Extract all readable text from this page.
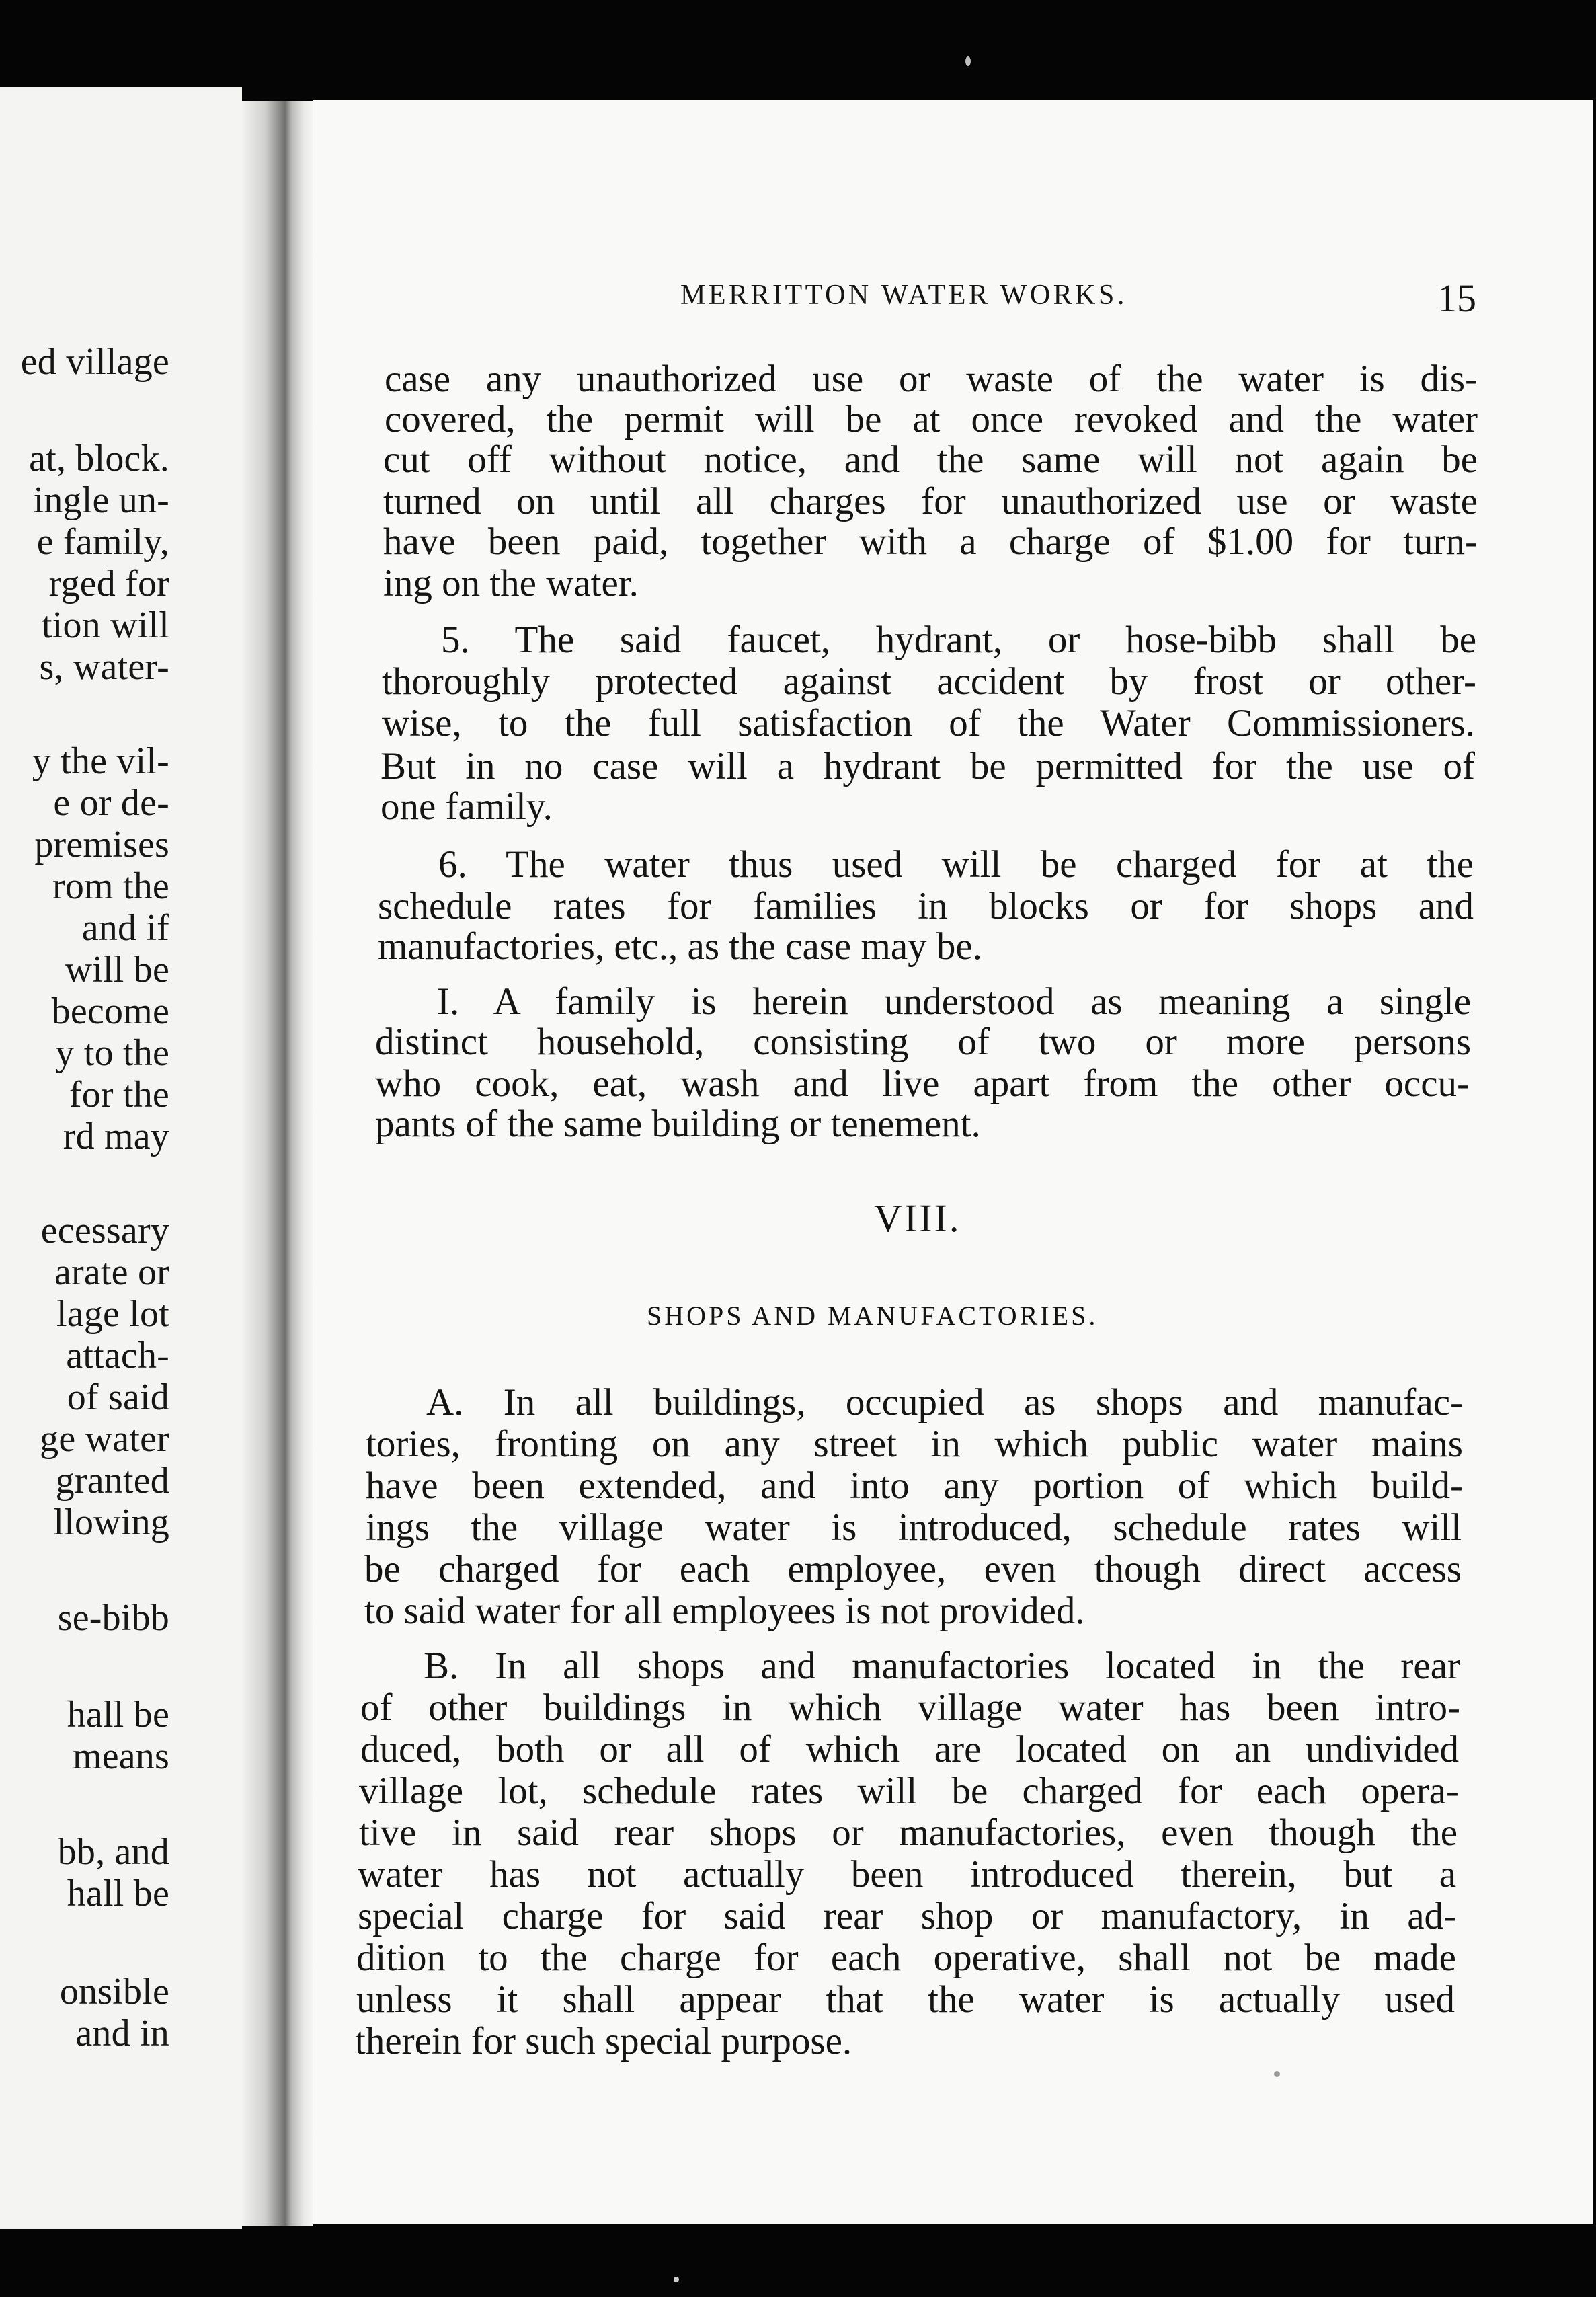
ed village
at, block.
ingle un-
e family,
rged for
tion will
s, water-
y the vil-
e or de-
premises
rom the
and if
will be
become
y to the
for the
rd may
ecessary
arate or
lage lot
attach-
of said
ge water
granted
llowing
se-bibb
hall be
means
bb, and
hall be
onsible
and in
MERRITTON WATER WORKS.	15
case any unauthorized use or waste of the water is dis-
covered, the permit will be at once revoked and the water
cut off without notice, and the same will not again be
turned on until all charges for unauthorized use or waste
have been paid, together with a charge of $1.00 for turn-
ing on the water.
5. The said faucet, hydrant, or hose-bibb shall be
thoroughly protected against accident by frost or other-
wise, to the full satisfaction of the Water Commissioners.
But in no case will a hydrant be permitted for the use of
one family.
6. The water thus used will be charged for at the
schedule rates for families in blocks or for shops and
manufactories, etc., as the case may be.
I. A family is herein understood as meaning a single
distinct household, consisting of two or more persons
who cook, eat, wash and live apart from the other occu-
pants of the same building or tenement.
VIII.
SHOPS AND MANUFACTORIES.
A. In all buildings, occupied as shops and manufac-
tories, fronting on any street in which public water mains
have been extended, and into any portion of which build-
ings the village water is introduced, schedule rates will
be charged for each employee, even though direct access
to said water for all employees is not provided.
B. In all shops and manufactories located in the rear
of other buildings in which village water has been intro-
duced, both or all of which are located on an undivided
village lot, schedule rates will be charged for each opera-
tive in said rear shops or manufactories, even though the
water has not actually been introduced therein, but a
special charge for said rear shop or manufactory, in ad-
dition to the charge for each operative, shall not be made
unless it shall appear that the water is actually used
therein for such special purpose.
